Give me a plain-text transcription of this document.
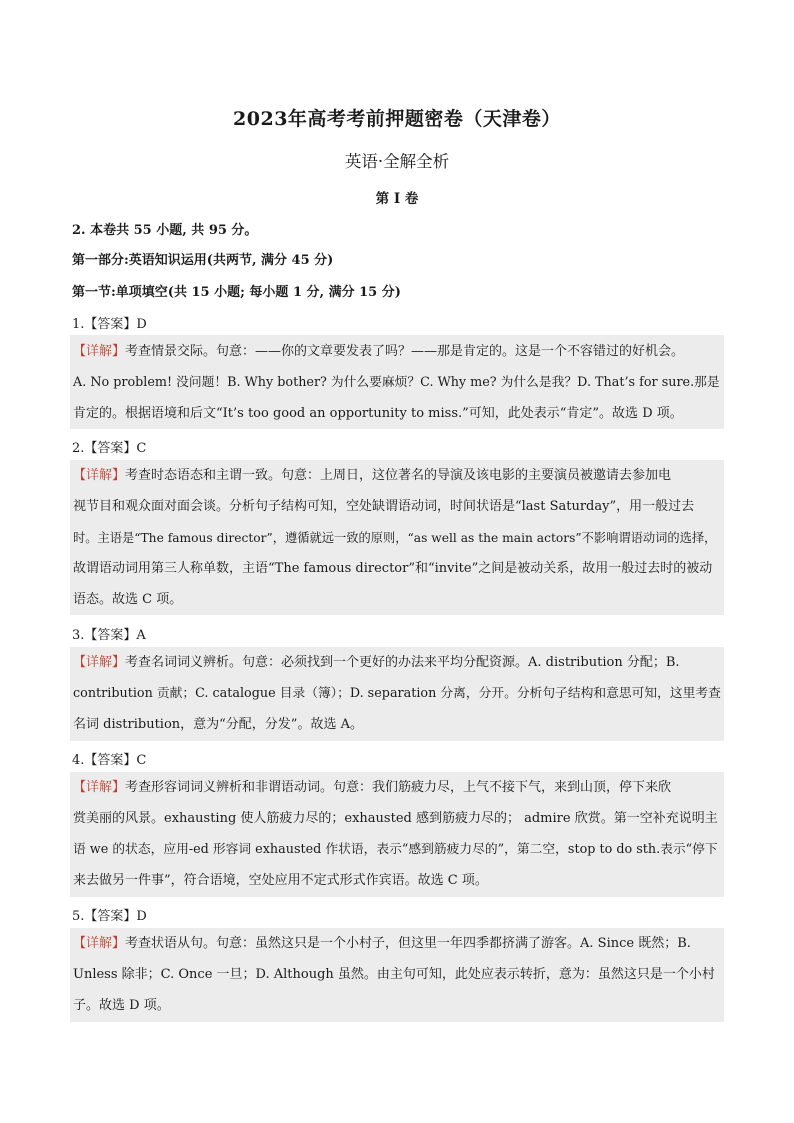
2023年高考考前押题密卷（天津卷）
英语·全解全析
第 I 卷
2. 本卷共 55 小题, 共 95 分。
第一部分:英语知识运用(共两节, 满分 45 分)
第一节:单项填空(共 15 小题; 每小题 1 分, 满分 15 分)
1.【答案】D
【详解】考查情景交际。句意：——你的文章要发表了吗？——那是肯定的。这是一个不容错过的好机会。
A. No problem! 没问题！B. Why bother? 为什么要麻烦？C. Why me? 为什么是我？D. That’s for sure.那是
肯定的。根据语境和后文“It’s too good an opportunity to miss.”可知，此处表示“肯定”。故选 D 项。
2.【答案】C
【详解】考查时态语态和主谓一致。句意：上周日，这位著名的导演及该电影的主要演员被邀请去参加电
视节目和观众面对面会谈。分析句子结构可知，空处缺谓语动词，时间状语是“last Saturday”，用一般过去
时。主语是“The famous director”，遵循就远一致的原则，“as well as the main actors”不影响谓语动词的选择，
故谓语动词用第三人称单数，主语“The famous director”和“invite”之间是被动关系，故用一般过去时的被动
语态。故选 C 项。
3.【答案】A
【详解】考查名词词义辨析。句意：必须找到一个更好的办法来平均分配资源。A. distribution 分配；B.
contribution 贡献；C. catalogue 目录（簿）；D. separation 分离，分开。分析句子结构和意思可知，这里考查
名词 distribution，意为“分配，分发”。故选 A。
4.【答案】C
【详解】考查形容词词义辨析和非谓语动词。句意：我们筋疲力尽，上气不接下气，来到山顶，停下来欣
赏美丽的风景。exhausting 使人筋疲力尽的；exhausted 感到筋疲力尽的； admire 欣赏。第一空补充说明主
语 we 的状态，应用-ed 形容词 exhausted 作状语，表示“感到筋疲力尽的”，第二空，stop to do sth.表示“停下
来去做另一件事”，符合语境，空处应用不定式形式作宾语。故选 C 项。
5.【答案】D
【详解】考查状语从句。句意：虽然这只是一个小村子，但这里一年四季都挤满了游客。A. Since 既然；B.
Unless 除非；C. Once 一旦；D. Although 虽然。由主句可知，此处应表示转折，意为：虽然这只是一个小村
子。故选 D 项。
